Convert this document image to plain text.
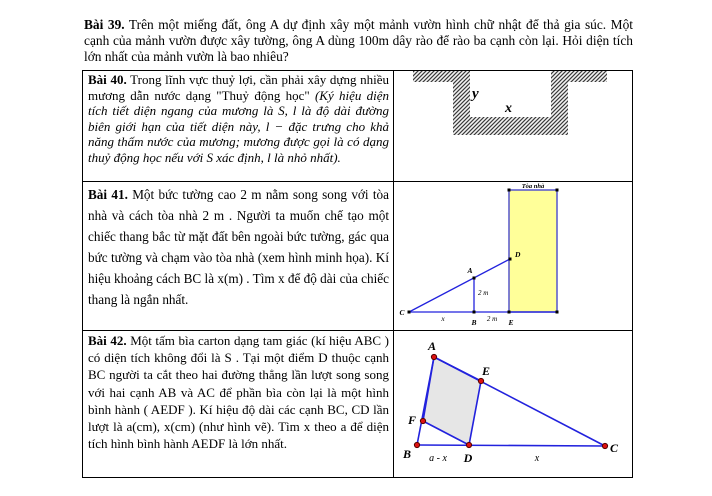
Bài 39. Trên một miếng đất, ông A dự định xây một mảnh vườn hình chữ nhật để thả gia súc. Một cạnh của mảnh vườn được xây tường, ông A dùng 100m dây rào để rào ba cạnh còn lại. Hỏi diện tích lớn nhất của mảnh vườn là bao nhiêu?
Bài 40. Trong lĩnh vực thuỷ lợi, cần phải xây dựng nhiều mương dẫn nước dạng "Thuỷ động học" (Ký hiệu diện tích tiết diện ngang của mương là S, l là độ dài đường biên giới hạn của tiết diện này, l − đặc trưng cho khả năng thấm nước của mương; mương được gọi là có dạng thuỷ động học nếu với S xác định, l là nhỏ nhất).
y
x
Bài 41. Một bức tường cao 2 m nằm song song với tòa nhà và cách tòa nhà 2 m . Người ta muốn chế tạo một chiếc thang bắc từ mặt đất bên ngoài bức tường, gác qua bức tường và chạm vào tòa nhà (xem hình minh họa). Kí hiệu khoảng cách BC là x(m) . Tìm x để độ dài của chiếc thang là ngắn nhất.
Tòa nhà
A
D
C
B	E
x
2 m
2 m
Bài 42. Một tấm bìa carton dạng tam giác (kí hiệu ABC ) có diện tích không đổi là S . Tại một điểm D thuộc cạnh BC người ta cắt theo hai đường thẳng lần lượt song song với hai cạnh AB và AC để phần bìa còn lại là một hình bình hành ( AEDF ). Kí hiệu độ dài các cạnh BC, CD lần lượt là a(cm), x(cm) (như hình vẽ). Tìm x theo a để diện tích hình bình hành AEDF là lớn nhất.
A
E
F
B	D
C
a - x	x
